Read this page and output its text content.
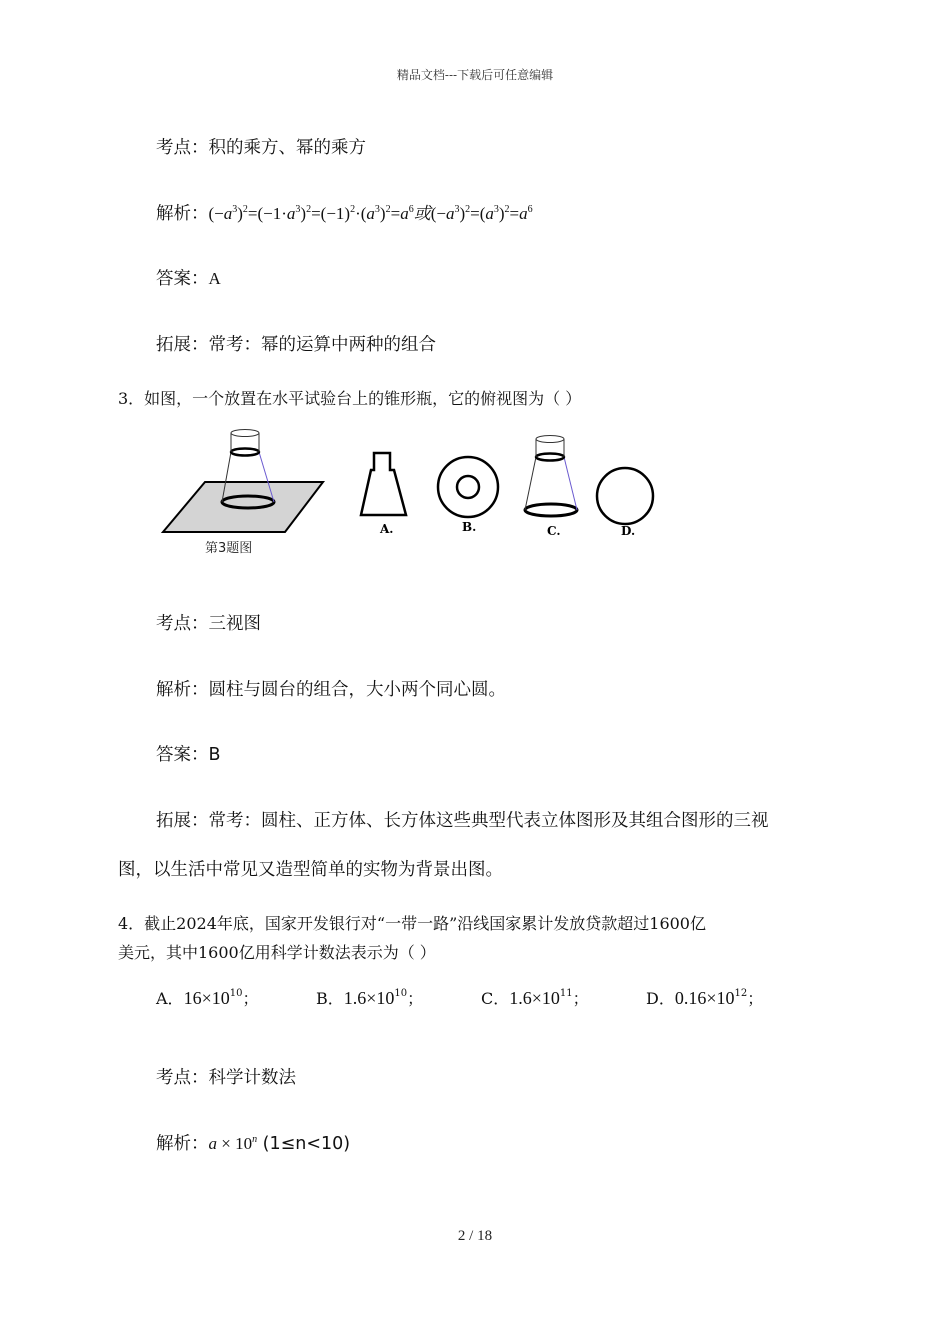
精品文档---下载后可任意编辑
考点：积的乘方、幂的乘方
解析：$(-a^3)^2=(-1\cdot a^3)^2=(-1)^2\cdot(a^3)^2=a^6$或$(-a^3)^2=(a^3)^2=a^6$
答案：A
拓展：常考：幂的运算中两种的组合
3．如图，一个放置在水平试验台上的锥形瓶，它的俯视图为（ ）
第3题图
A.	B.	C.	D.
考点：三视图
解析：圆柱与圆台的组合，大小两个同心圆。
答案：B
拓展：常考：圆柱、正方体、长方体这些典型代表立体图形及其组合图形的三视
图，以生活中常见又造型简单的实物为背景出图。
4．截止2024年底，国家开发银行对“一带一路”沿线国家累计发放贷款超过1600亿
美元，其中1600亿用科学计数法表示为（ ）
A．$16\times 10^{10}$；	B．$1.6\times 10^{10}$；	C．$1.6\times 10^{11}$；	D．$0.16\times 10^{12}$；
考点：科学计数法
解析：$a \times 10^n$ (1≤n<10)
2 / 18
